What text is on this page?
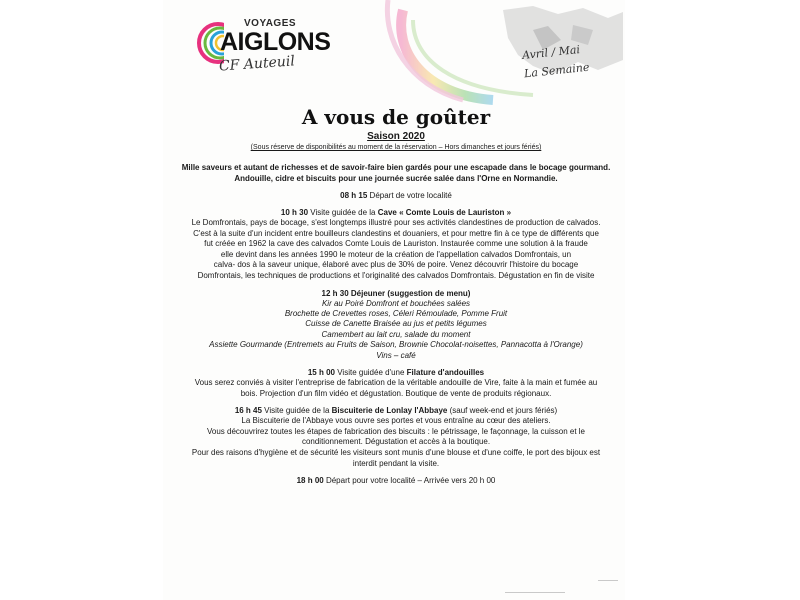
VOYAGES
AIGLONS
CF Auteuil
Avril / Mai
La Semaine
A vous de goûter
Saison 2020
(Sous réserve de disponibilités au moment de la réservation – Hors dimanches et jours fériés)
Mille saveurs et autant de richesses et de savoir-faire bien gardés pour une escapade dans le bocage gourmand.
Andouille, cidre et biscuits pour une journée sucrée salée dans l'Orne en Normandie.
08 h 15 Départ de votre localité
10 h 30 Visite guidée de la Cave « Comte Louis de Lauriston »
Le Domfrontais, pays de bocage, s'est longtemps illustré pour ses activités clandestines de production de calvados.
C'est à la suite d'un incident entre bouilleurs clandestins et douaniers, et pour mettre fin à ce type de différents que
fut créée en 1962 la cave des calvados Comte Louis de Lauriston. Instaurée comme une solution à la fraude
elle devint dans les années 1990 le moteur de la création de l'appellation calvados Domfrontais, un
calva- dos à la saveur unique, élaboré avec plus de 30% de poire. Venez découvrir l'histoire du bocage
Domfrontais, les techniques de productions et l'originalité des calvados Domfrontais. Dégustation en fin de visite
12 h 30 Déjeuner (suggestion de menu)
Kir au Poiré Domfront et bouchées salées
Brochette de Crevettes roses, Céleri Rémoulade, Pomme Fruit
Cuisse de Canette Braisée au jus et petits légumes
Camembert au lait cru, salade du moment
Assiette Gourmande (Entremets au Fruits de Saison, Brownie Chocolat-noisettes, Pannacotta à l'Orange)
Vins – café
15 h 00 Visite guidée d'une Filature d'andouilles
Vous serez conviés à visiter l'entreprise de fabrication de la véritable andouille de Vire, faite à la main et fumée au
bois. Projection d'un film vidéo et dégustation. Boutique de vente de produits régionaux.
16 h 45 Visite guidée de la Biscuiterie de Lonlay l'Abbaye (sauf week-end et jours fériés)
La Biscuiterie de l'Abbaye vous ouvre ses portes et vous entraîne au cœur des ateliers.
Vous découvrirez toutes les étapes de fabrication des biscuits : le pétrissage, le façonnage, la cuisson et le
conditionnement. Dégustation et accès à la boutique.
Pour des raisons d'hygiène et de sécurité les visiteurs sont munis d'une blouse et d'une coiffe, le port des bijoux est
interdit pendant la visite.
18 h 00 Départ pour votre localité – Arrivée vers 20 h 00
